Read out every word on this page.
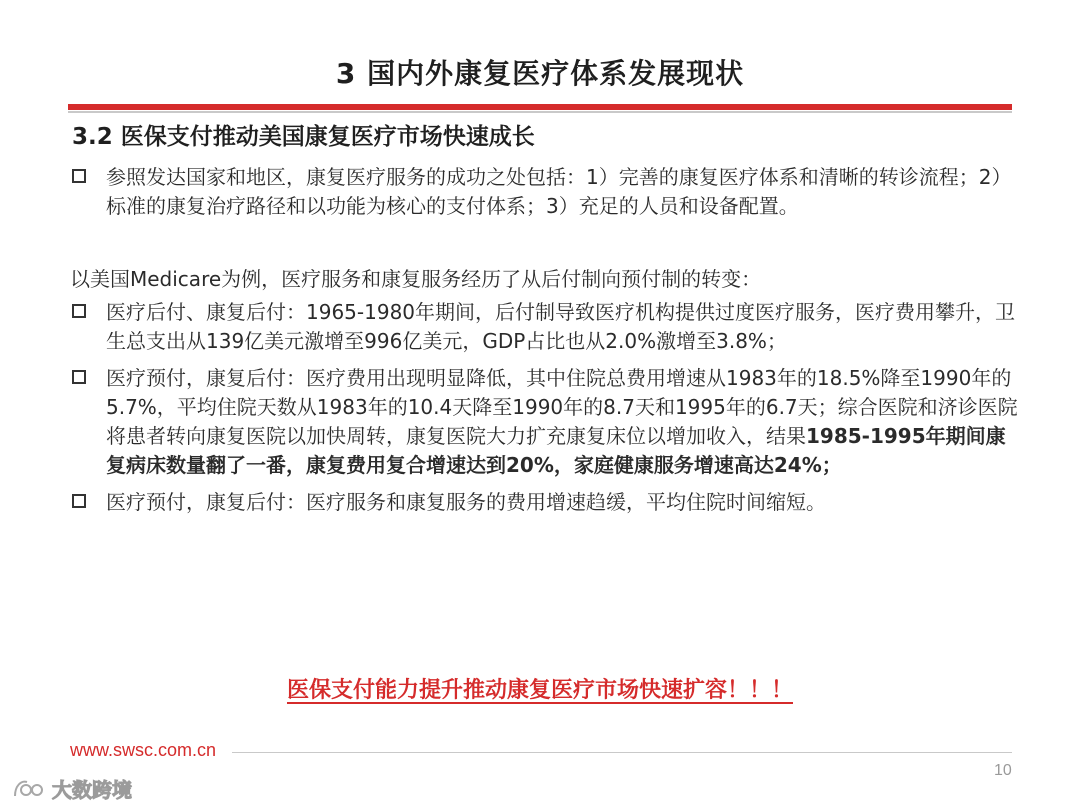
3 国内外康复医疗体系发展现状
3.2 医保支付推动美国康复医疗市场快速成长

参照发达国家和地区，康复医疗服务的成功之处包括：1）完善的康复医疗体系和清晰的转诊流程；2）标准的康复治疗路径和以功能为核心的支付体系；3）充足的人员和设备配置。

以美国Medicare为例，医疗服务和康复服务经历了从后付制向预付制的转变：

医疗后付、康复后付：1965-1980年期间，后付制导致医疗机构提供过度医疗服务，医疗费用攀升，卫生总支出从139亿美元激增至996亿美元，GDP占比也从2.0%激增至3.8%；

医疗预付，康复后付：医疗费用出现明显降低，其中住院总费用增速从1983年的18.5%降至1990年的5.7%，平均住院天数从1983年的10.4天降至1990年的8.7天和1995年的6.7天；综合医院和济诊医院将患者转向康复医院以加快周转，康复医院大力扩充康复床位以增加收入，结果1985-1995年期间康复病床数量翻了一番，康复费用复合增速达到20%，家庭健康服务增速高达24%；

医疗预付，康复后付：医疗服务和康复服务的费用增速趋缓，平均住院时间缩短。

医保支付能力提升推动康复医疗市场快速扩容！！！
www.swsc.com.cn
10
大数跨境
